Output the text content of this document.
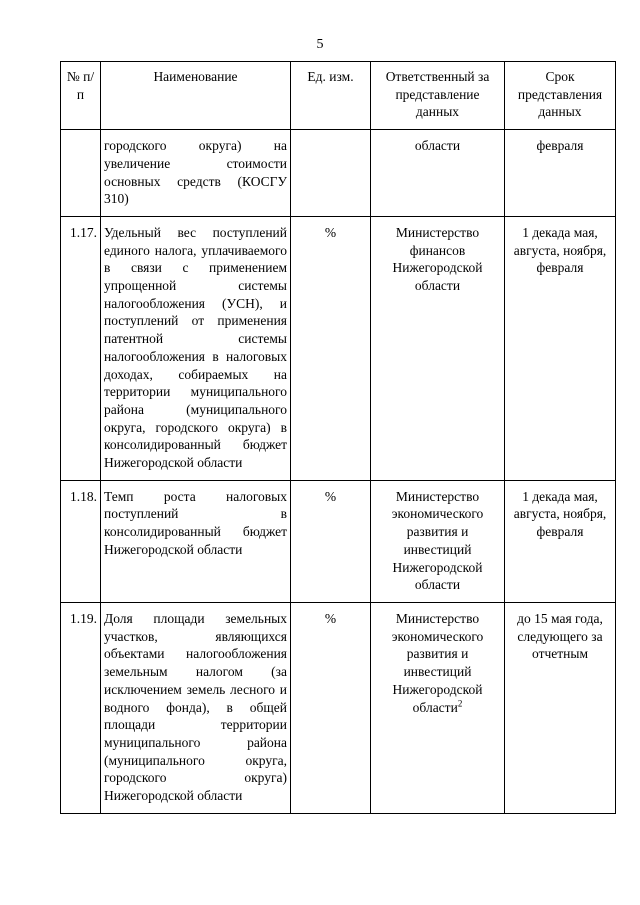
5
№ п/п	Наименование	Ед. изм.	Ответственный за представление данных	Срок представления данных
	городского округа) на увеличение стоимости основных средств (КОСГУ 310)		области	февраля
1.17.	Удельный вес поступлений единого налога, уплачиваемого в связи с применением упрощенной системы налогообложения (УСН), и поступлений от применения патентной системы налогообложения в налоговых доходах, собираемых на территории муниципального района (муниципального округа, городского округа) в консолидированный бюджет Нижегородской области	%	Министерство финансов Нижегородской области	1 декада мая, августа, ноября, февраля
1.18.	Темп роста налоговых поступлений в консолидированный бюджет Нижегородской области	%	Министерство экономического развития и инвестиций Нижегородской области	1 декада мая, августа, ноября, февраля
1.19.	Доля площади земельных участков, являющихся объектами налогообложения земельным налогом (за исключением земель лесного и водного фонда), в общей площади территории муниципального района (муниципального округа, городского округа) Нижегородской области	%	Министерство экономического развития и инвестиций Нижегородской области$^2$	до 15 мая года, следующего за отчетным
